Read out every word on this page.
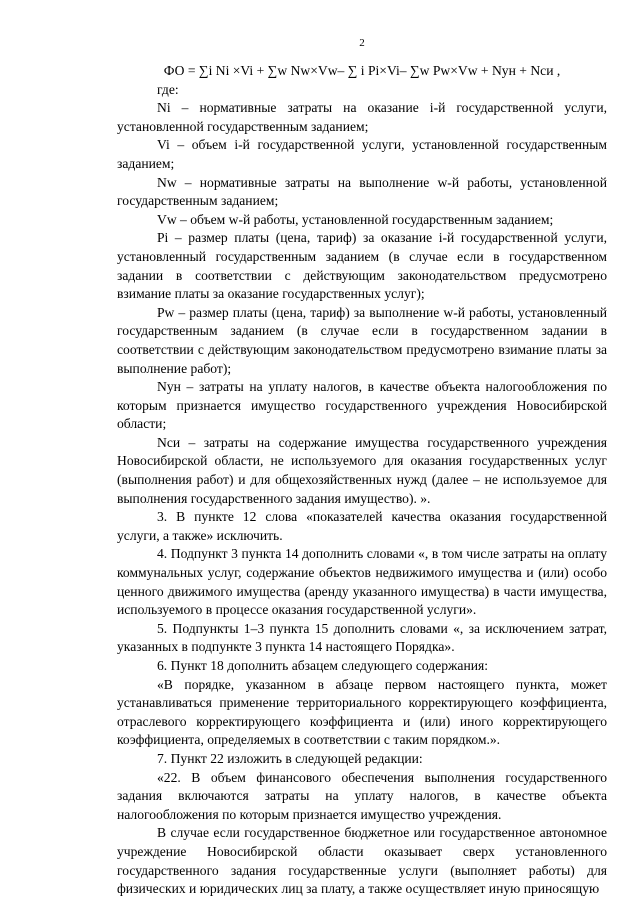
2
ФО = ∑i Ni ×Vi + ∑w Nw×Vw– ∑ i Pi×Vi– ∑w Pw×Vw + Nун + Nси ,
где:
Ni – нормативные затраты на оказание i-й государственной услуги, установлeнной государственным заданием;
Vi – объем i-й государственной услуги, установленной государственным заданием;
Nw – нормативные затраты на выполнение w-й работы, установленной государственным заданием;
Vw – объем w-й работы, установленной государственным заданием;
Pi – размер платы (цена, тариф) за оказание i-й государственной услуги, установленный государственным заданием (в случае если в государственном задании в соответствии с действующим законодательством предусмотрено взимание платы за оказание государственных услуг);
Pw – размер платы (цена, тариф) за выполнение w-й работы, установленный государственным заданием (в случае если в государственном задании в соответствии с действующим законодательством предусмотрено взимание платы за выполнение работ);
Nун – затраты на уплату налогов, в качестве объекта налогообложения по которым признается имущество государственного учреждения Новосибирской области;
Nси – затраты на содержание имущества государственного учреждения Новосибирской области, не используемого для оказания государственных услуг (выполнения работ) и для общехозяйственных нужд (далее – не используемое для выполнения государственного задания имущество). ».
3. В пункте 12 слова «показателей качества оказания государственной услуги, а также» исключить.
4. Подпункт 3 пункта 14 дополнить словами «, в том числе затраты на оплату коммунальных услуг, содержание объектов недвижимого имущества и (или) особо ценного движимого имущества (аренду указанного имущества) в части имущества, используемого в процессе оказания государственной услуги».
5. Подпункты 1–3 пункта 15 дополнить словами «, за исключением затрат, указанных в подпункте 3 пункта 14 настоящего Порядка».
6. Пункт 18 дополнить абзацем следующего содержания:
«В порядке, указанном в абзаце первом настоящего пункта, может устанавливаться применение территориального корректирующего коэффициента, отраслевого корректирующего коэффициента и (или) иного корректирующего коэффициента, определяемых в соответствии с таким порядком.».
7. Пункт 22 изложить в следующей редакции:
«22. В объем финансового обеспечения выполнения государственного задания включаются затраты на уплату налогов, в качестве объекта налогообложения по которым признается имущество учреждения.
В случае если государственное бюджетное или государственное автономное учреждение Новосибирской области оказывает сверх установленного государственного задания государственные услуги (выполняет работы) для физических и юридических лиц за плату, а также осуществляет иную приносящую
